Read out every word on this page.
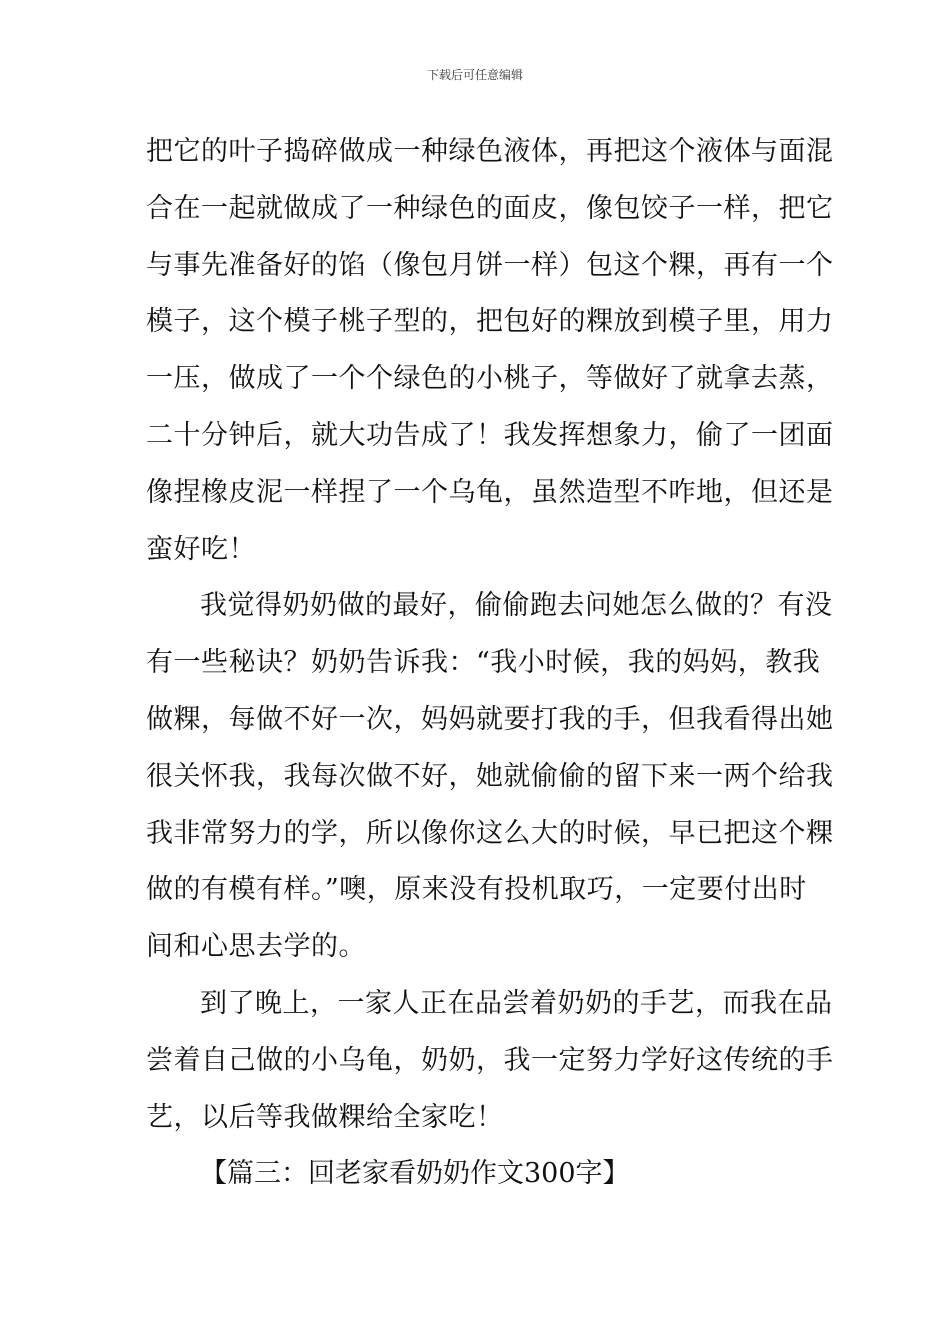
下载后可任意编辑
把它的叶子捣碎做成一种绿色液体，再把这个液体与面混
合在一起就做成了一种绿色的面皮，像包饺子一样，把它
与事先准备好的馅（像包月饼一样）包这个粿，再有一个
模子，这个模子桃子型的，把包好的粿放到模子里，用力
一压，做成了一个个绿色的小桃子，等做好了就拿去蒸，
二十分钟后，就大功告成了！我发挥想象力，偷了一团面
像捏橡皮泥一样捏了一个乌龟，虽然造型不咋地，但还是
蛮好吃！
我觉得奶奶做的最好，偷偷跑去问她怎么做的？有没
有一些秘诀？奶奶告诉我：“我小时候，我的妈妈，教我
做粿，每做不好一次，妈妈就要打我的手，但我看得出她
很关怀我，我每次做不好，她就偷偷的留下来一两个给我
我非常努力的学，所以像你这么大的时候，早已把这个粿
做的有模有样。”噢，原来没有投机取巧，一定要付出时
间和心思去学的。
到了晚上，一家人正在品尝着奶奶的手艺，而我在品
尝着自己做的小乌龟，奶奶，我一定努力学好这传统的手
艺，以后等我做粿给全家吃！
【篇三：回老家看奶奶作文300字】
